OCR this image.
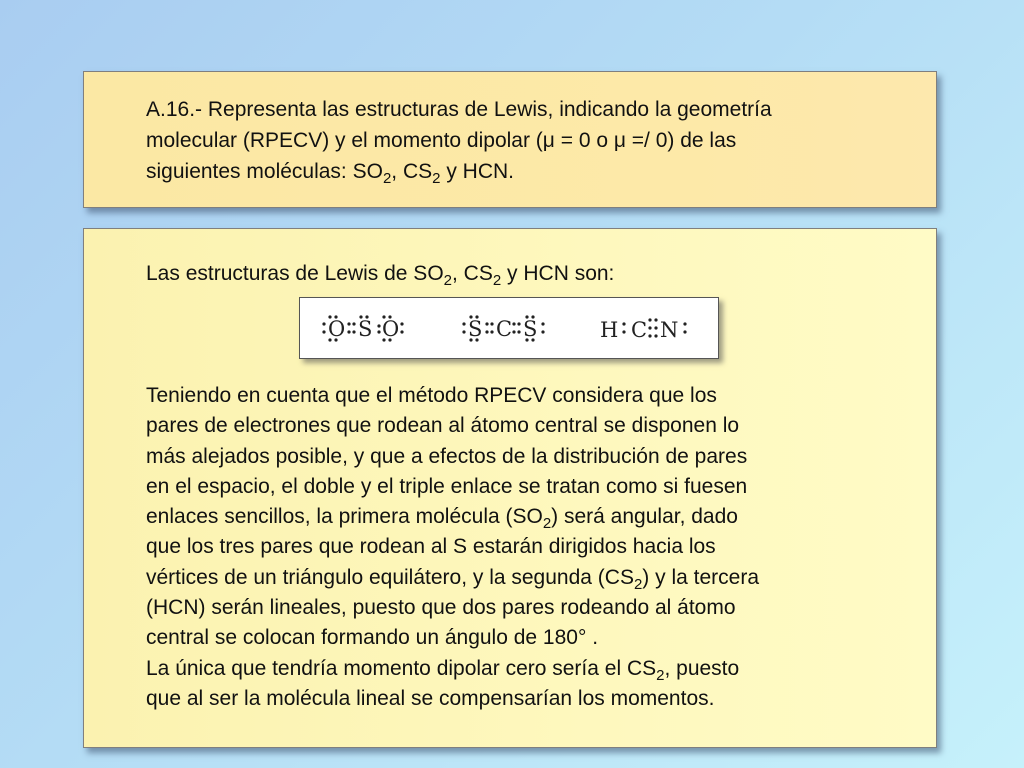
A.16.- Representa las estructuras de Lewis, indicando la geometría
molecular (RPECV) y el momento dipolar (μ = 0 o μ =/ 0) de las
siguientes moléculas: $SO_2$, $CS_2$ y HCN.
Las estructuras de Lewis de $SO_2$, $CS_2$ y HCN son:
O S O	S C S	H C N
Teniendo en cuenta que el método RPECV considera que los
pares de electrones que rodean al átomo central se disponen lo
más alejados posible, y que a efectos de la distribución de pares
en el espacio, el doble y el triple enlace se tratan como si fuesen
enlaces sencillos, la primera molécula $(SO_2)$ será angular, dado
que los tres pares que rodean al S estarán dirigidos hacia los
vértices de un triángulo equilátero, y la segunda $(CS_2)$ y la tercera
(HCN) serán lineales, puesto que dos pares rodeando al átomo
central se colocan formando un ángulo de 180° .
La única que tendría momento dipolar cero sería el $CS_2$, puesto
que al ser la molécula lineal se compensarían los momentos.
